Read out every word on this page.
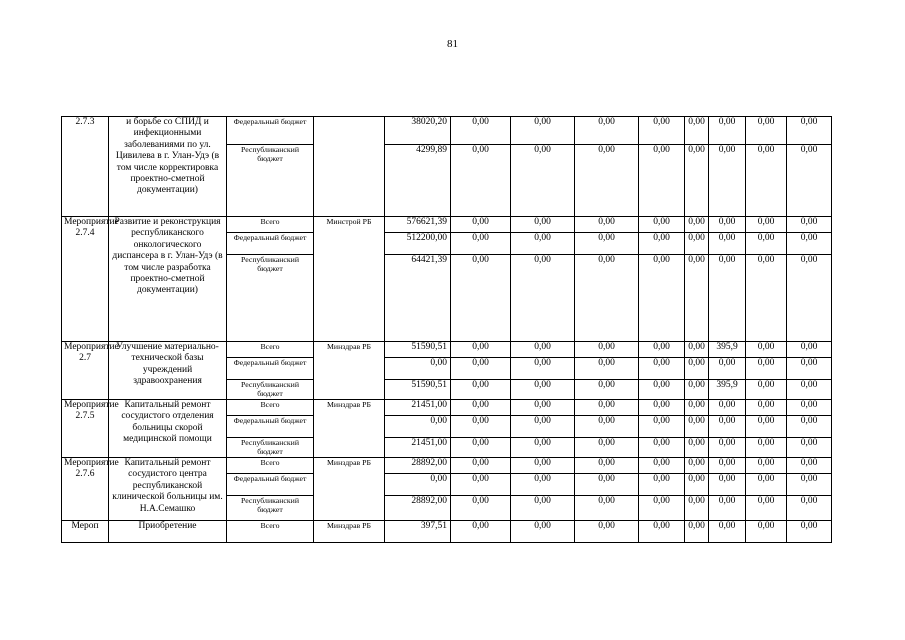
81
2.7.3	и борьбе со СПИД и инфекционными заболеваниями по ул. Цивилева в г. Улан-Удэ (в том числе корректировка проектно-сметной документации)	Федеральный бюджет		38020,20	0,00	0,00	0,00	0,00	0,00	0,00	0,00	0,00
		Республиканский бюджет		4299,89	0,00	0,00	0,00	0,00	0,00	0,00	0,00	0,00
Мероприятие 2.7.4	Развитие и реконструкция республиканского онкологического диспансера в г. Улан-Удэ (в том числе разработка проектно-сметной документации)	Всего	Минстрой РБ	576621,39	0,00	0,00	0,00	0,00	0,00	0,00	0,00	0,00
		Федеральный бюджет		512200,00	0,00	0,00	0,00	0,00	0,00	0,00	0,00	0,00
		Республиканский бюджет		64421,39	0,00	0,00	0,00	0,00	0,00	0,00	0,00	0,00
Мероприятие 2.7	Улучшение материально-технической базы учреждений здравоохранения	Всего	Минздрав РБ	51590,51	0,00	0,00	0,00	0,00	0,00	395,9	0,00	0,00
		Федеральный бюджет		0,00	0,00	0,00	0,00	0,00	0,00	0,00	0,00	0,00
		Республиканский бюджет		51590,51	0,00	0,00	0,00	0,00	0,00	395,9	0,00	0,00
Мероприятие 2.7.5	Капитальный ремонт сосудистого отделения больницы скорой медицинской помощи	Всего	Минздрав РБ	21451,00	0,00	0,00	0,00	0,00	0,00	0,00	0,00	0,00
		Федеральный бюджет		0,00	0,00	0,00	0,00	0,00	0,00	0,00	0,00	0,00
		Республиканский бюджет		21451,00	0,00	0,00	0,00	0,00	0,00	0,00	0,00	0,00
Мероприятие 2.7.6	Капитальный ремонт сосудистого центра республиканской клинической больницы им. Н.А.Семашко	Всего	Минздрав РБ	28892,00	0,00	0,00	0,00	0,00	0,00	0,00	0,00	0,00
		Федеральный бюджет		0,00	0,00	0,00	0,00	0,00	0,00	0,00	0,00	0,00
		Республиканский бюджет		28892,00	0,00	0,00	0,00	0,00	0,00	0,00	0,00	0,00
Мероп	Приобретение	Всего	Минздрав РБ	397,51	0,00	0,00	0,00	0,00	0,00	0,00	0,00	0,00
